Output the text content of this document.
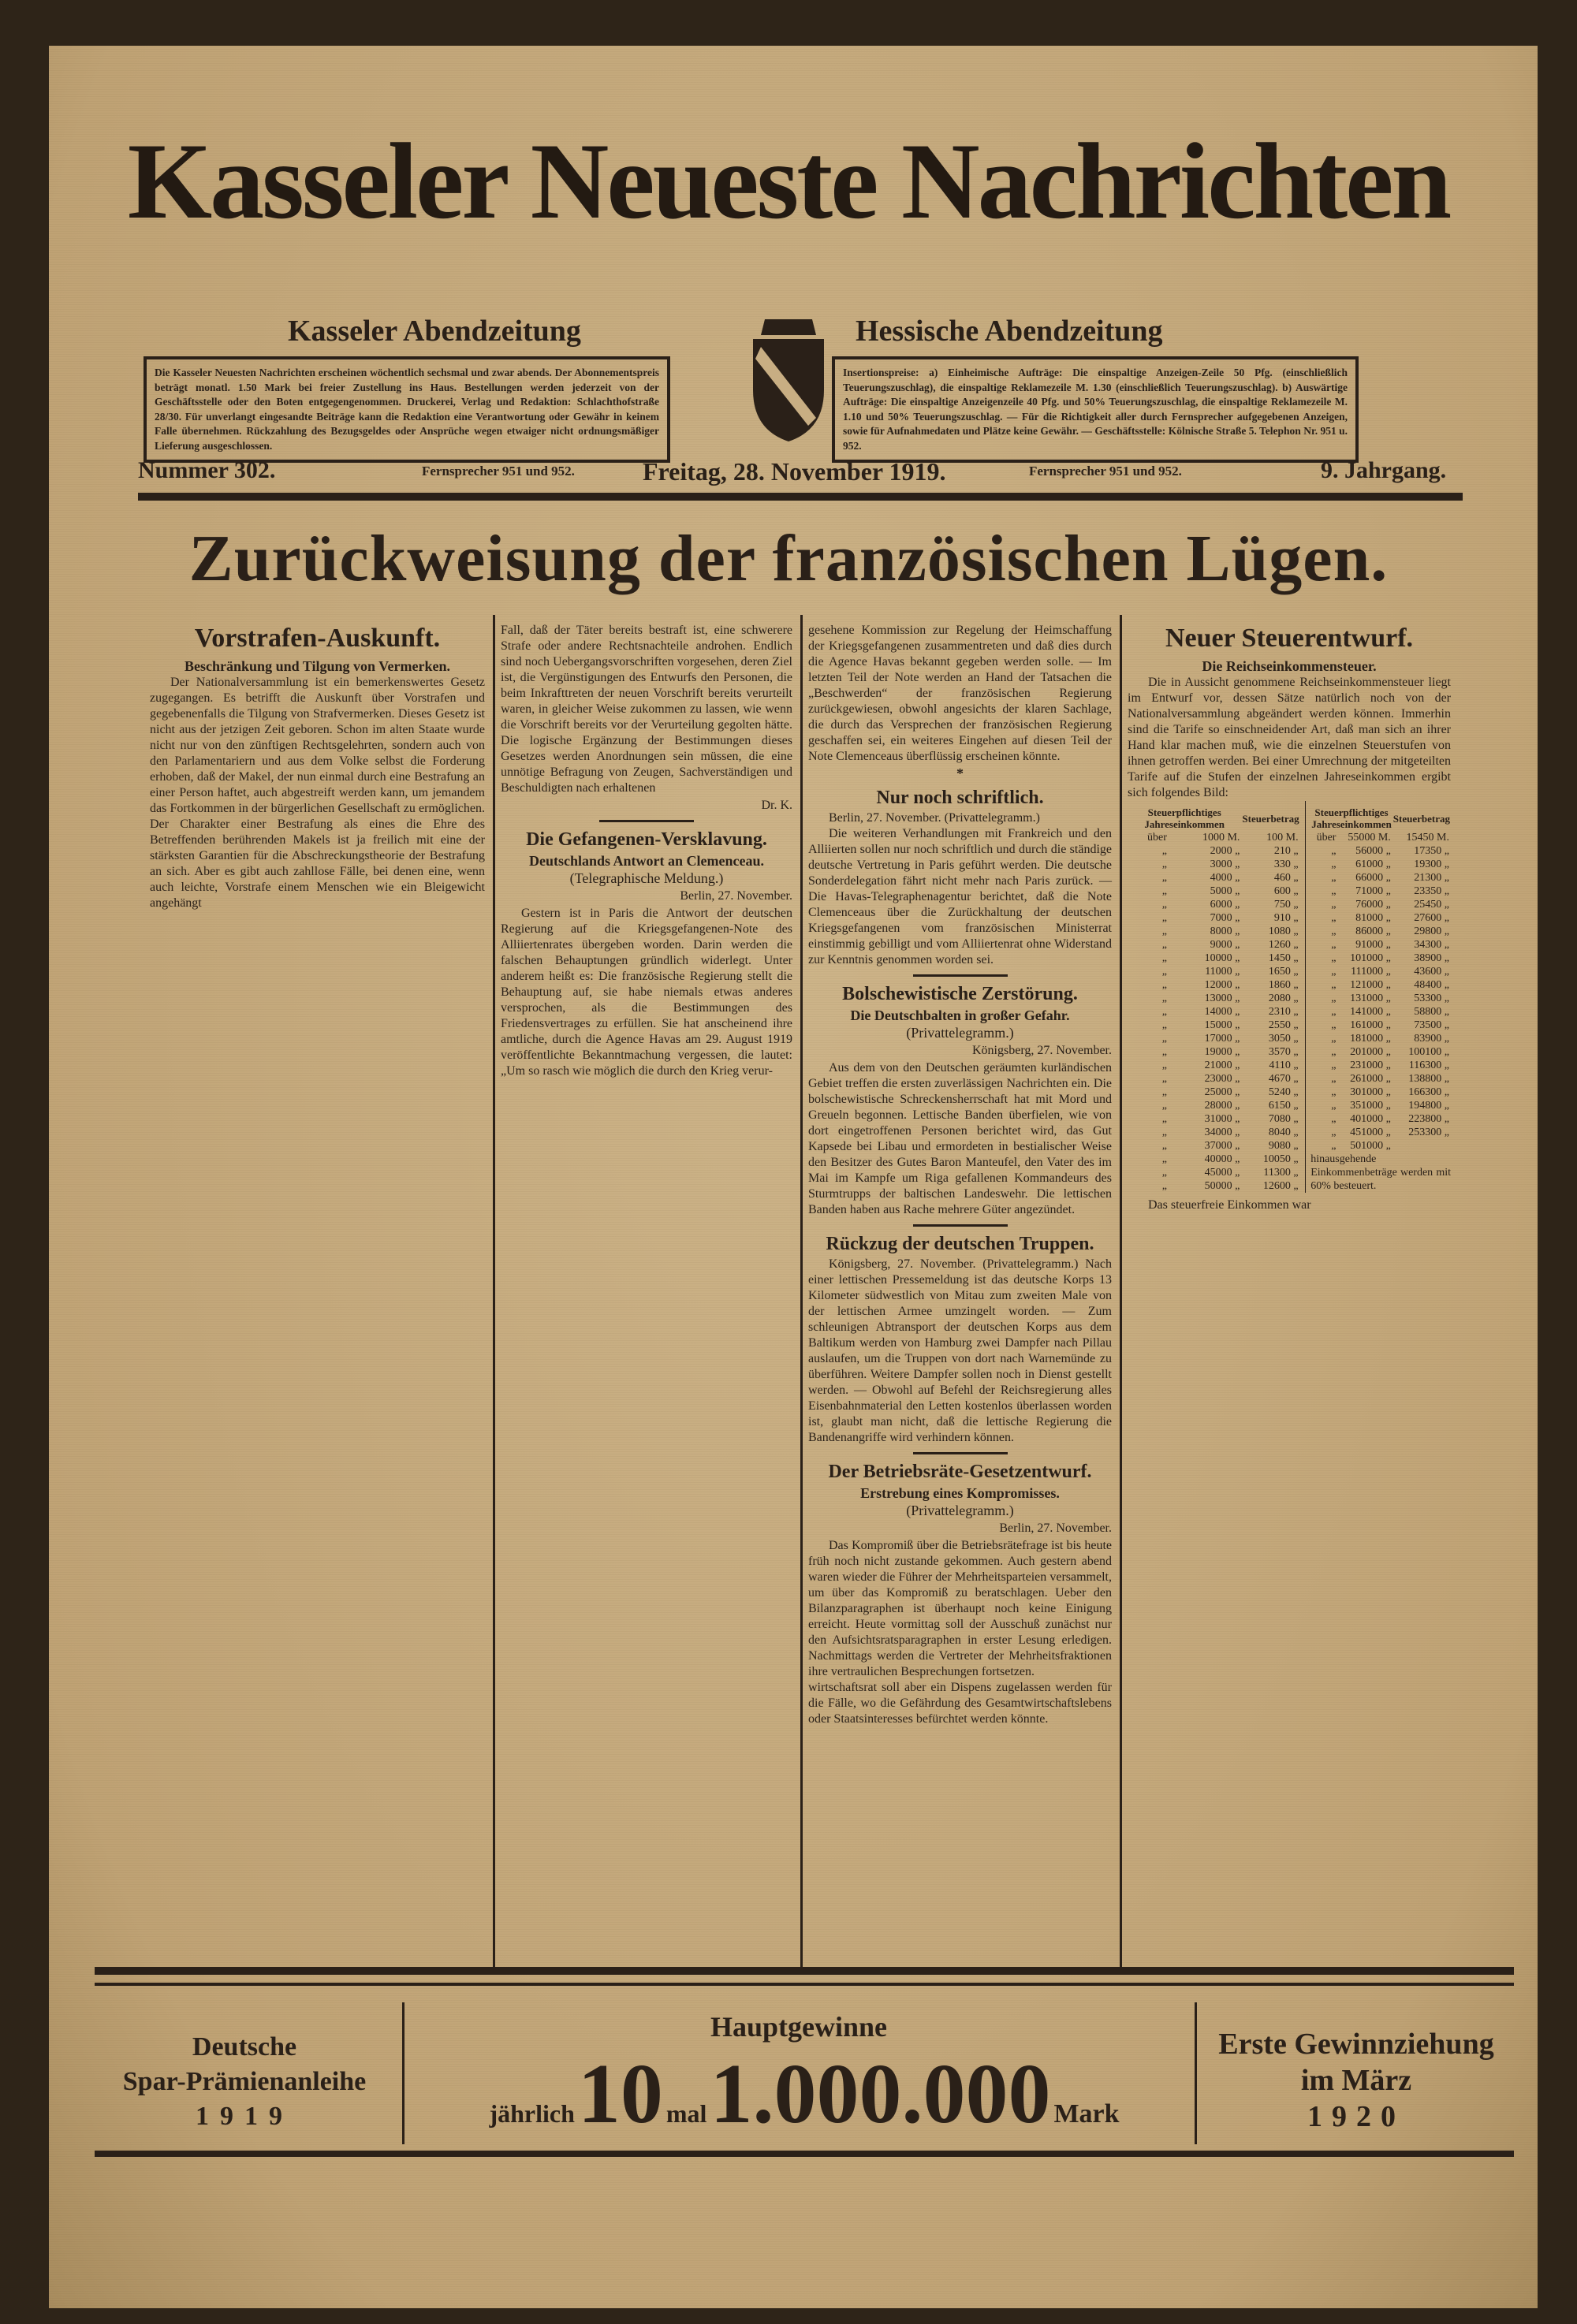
Kasseler Neueste Nachrichten
Kasseler Abendzeitung	Hessische Abendzeitung
Die Kasseler Neuesten Nachrichten erscheinen wöchentlich sechsmal und zwar abends. Der Abonnementspreis beträgt monatl. 1.50 Mark bei freier Zustellung ins Haus. Bestellungen werden jederzeit von der Geschäftsstelle oder den Boten entgegengenommen. Druckerei, Verlag und Redaktion: Schlachthofstraße 28/30. Für unverlangt eingesandte Beiträge kann die Redaktion eine Verantwortung oder Gewähr in keinem Falle übernehmen. Rückzahlung des Bezugsgeldes oder Ansprüche wegen etwaiger nicht ordnungsmäßiger Lieferung ausgeschlossen.
Insertionspreise: a) Einheimische Aufträge: Die einspaltige Anzeigen-Zeile 50 Pfg. (einschließlich Teuerungszuschlag), die einspaltige Reklamezeile M. 1.30 (einschließlich Teuerungszuschlag). b) Auswärtige Aufträge: Die einspaltige Anzeigenzeile 40 Pfg. und 50% Teuerungszuschlag, die einspaltige Reklamezeile M. 1.10 und 50% Teuerungszuschlag. — Für die Richtigkeit aller durch Fernsprecher aufgegebenen Anzeigen, sowie für Aufnahmedaten und Plätze keine Gewähr. — Geschäftsstelle: Kölnische Straße 5. Telephon Nr. 951 u. 952.
Nummer 302.	Fernsprecher 951 und 952.	Freitag, 28. November 1919.	Fernsprecher 951 und 952.	9. Jahrgang.
Zurückweisung der französischen Lügen.
Vorstrafen-Auskunft.
Beschränkung und Tilgung von Vermerken.

Der Nationalversammlung ist ein bemerkenswertes Gesetz zugegangen. Es betrifft die Auskunft über Vorstrafen und gegebenenfalls die Tilgung von Strafvermerken. Dieses Gesetz ist nicht aus der jetzigen Zeit geboren. Schon im alten Staate wurde nicht nur von den zünftigen Rechtsgelehrten, sondern auch von den Parlamentariern und aus dem Volke selbst die Forderung erhoben, daß der Makel, der nun einmal durch eine Bestrafung an einer Person haftet, auch abgestreift werden kann, um jemandem das Fortkommen in der bürgerlichen Gesellschaft zu ermöglichen. Der Charakter einer Bestrafung als eines die Ehre des Betreffenden berührenden Makels ist ja freilich mit eine der stärksten Garantien für die Abschreckungstheorie der Bestrafung an sich. Aber es gibt auch zahllose Fälle, bei denen eine, wenn auch leichte, Vorstrafe einem Menschen wie ein Bleigewicht angehängt

Fall, daß der Täter bereits bestraft ist, eine schwerere Strafe oder andere Rechtsnachteile androhen. Endlich sind noch Uebergangsvorschriften vorgesehen, deren Ziel ist, die Vergünstigungen des Entwurfs den Personen, die beim Inkrafttreten der neuen Vorschrift bereits verurteilt waren, in gleicher Weise zukommen zu lassen, wie wenn die Vorschrift bereits vor der Verurteilung gegolten hätte. Die logische Ergänzung der Bestimmungen dieses Gesetzes werden Anordnungen sein müssen, die eine unnötige Befragung von Zeugen, Sachverständigen und Beschuldigten nach erhaltenen

Dr. K.
Die Gefangenen-Versklavung.
Deutschlands Antwort an Clemenceau.
(Telegraphische Meldung.)
Berlin, 27. November.

Gestern ist in Paris die Antwort der deutschen Regierung auf die Kriegsgefangenen-Note des Alliiertenrates übergeben worden. Darin werden die falschen Behauptungen gründlich widerlegt. Unter anderem heißt es: Die französische Regierung stellt die Behauptung auf, sie habe niemals etwas anderes versprochen, als die Bestimmungen des Friedensvertrages zu erfüllen. Sie hat anscheinend ihre amtliche, durch die Agence Havas am 29. August 1919 veröffentlichte Bekanntmachung vergessen, die lautet: „Um so rasch wie möglich die durch den Krieg verur-

gesehene Kommission zur Regelung der Heimschaffung der Kriegsgefangenen zusammentreten und daß dies durch die Agence Havas bekannt gegeben werden solle. — Im letzten Teil der Note werden an Hand der Tatsachen die „Beschwerden“ der französischen Regierung zurückgewiesen, obwohl angesichts der klaren Sachlage, die durch das Versprechen der französischen Regierung geschaffen sei, ein weiteres Eingehen auf diesen Teil der Note Clemenceaus überflüssig erscheinen könnte.

*
Nur noch schriftlich.

Berlin, 27. November. (Privattelegramm.)

Die weiteren Verhandlungen mit Frankreich und den Alliierten sollen nur noch schriftlich und durch die ständige deutsche Vertretung in Paris geführt werden. Die deutsche Sonderdelegation fährt nicht mehr nach Paris zurück. — Die Havas-Telegraphenagentur berichtet, daß die Note Clemenceaus über die Zurückhaltung der deutschen Kriegsgefangenen vom französischen Ministerrat einstimmig gebilligt und vom Alliiertenrat ohne Widerstand zur Kenntnis genommen worden sei.

Bolschewistische Zerstörung.
Die Deutschbalten in großer Gefahr.
(Privattelegramm.)
Königsberg, 27. November.

Aus dem von den Deutschen geräumten kurländischen Gebiet treffen die ersten zuverlässigen Nachrichten ein. Die bolschewistische Schreckensherrschaft hat mit Mord und Greueln begonnen. Lettische Banden überfielen, wie von dort eingetroffenen Personen berichtet wird, das Gut Kapsede bei Libau und ermordeten in bestialischer Weise den Besitzer des Gutes Baron Manteufel, den Vater des im Mai im Kampfe um Riga gefallenen Kommandeurs des Sturmtrupps der baltischen Landeswehr. Die lettischen Banden haben aus Rache mehrere Güter angezündet.

Rückzug der deutschen Truppen.

Königsberg, 27. November. (Privattelegramm.) Nach einer lettischen Pressemeldung ist das deutsche Korps 13 Kilometer südwestlich von Mitau zum zweiten Male von der lettischen Armee umzingelt worden. — Zum schleunigen Abtransport der deutschen Korps aus dem Baltikum werden von Hamburg zwei Dampfer nach Pillau auslaufen, um die Truppen von dort nach Warnemünde zu überführen. Weitere Dampfer sollen noch in Dienst gestellt werden. — Obwohl auf Befehl der Reichsregierung alles Eisenbahnmaterial den Letten kostenlos überlassen worden ist, glaubt man nicht, daß die lettische Regierung die Bandenangriffe wird verhindern können.

Der Betriebsräte-Gesetzentwurf.
Erstrebung eines Kompromisses.
(Privattelegramm.)
Berlin, 27. November.

Das Kompromiß über die Betriebsrätefrage ist bis heute früh noch nicht zustande gekommen. Auch gestern abend waren wieder die Führer der Mehrheitsparteien versammelt, um über das Kompromiß zu beratschlagen. Ueber den Bilanzparagraphen ist überhaupt noch keine Einigung erreicht. Heute vormittag soll der Ausschuß zunächst nur den Aufsichtsratsparagraphen in erster Lesung erledigen. Nachmittags werden die Vertreter der Mehrheitsfraktionen ihre vertraulichen Besprechungen fortsetzen.

wirtschaftsrat soll aber ein Dispens zugelassen werden für die Fälle, wo die Gefährdung des Gesamtwirtschaftslebens oder Staatsinteresses befürchtet werden könnte.

Neuer Steuerentwurf.
Die Reichseinkommensteuer.

Die in Aussicht genommene Reichseinkommensteuer liegt im Entwurf vor, dessen Sätze natürlich noch von der Nationalversammlung abgeändert werden können. Immerhin sind die Tarife so einschneidender Art, daß man sich an ihrer Hand klar machen muß, wie die einzelnen Steuerstufen von ihnen getroffen werden. Bei einer Umrechnung der mitgeteilten Tarife auf die Stufen der einzelnen Jahreseinkommen ergibt sich folgendes Bild:

Steuerpflichtiges Jahreseinkommen		Steuerbetrag
über	1000 M.	100 M.
„	2000 „	210 „
„	3000 „	330 „
„	4000 „	460 „
„	5000 „	600 „
„	6000 „	750 „
„	7000 „	910 „
„	8000 „	1080 „
„	9000 „	1260 „
„	10000 „	1450 „
„	11000 „	1650 „
„	12000 „	1860 „
„	13000 „	2080 „
„	14000 „	2310 „
„	15000 „	2550 „
„	17000 „	3050 „
„	19000 „	3570 „
„	21000 „	4110 „
„	23000 „	4670 „
„	25000 „	5240 „
„	28000 „	6150 „
„	31000 „	7080 „
„	34000 „	8040 „
„	37000 „	9080 „
„	40000 „	10050 „
„	45000 „	11300 „
„	50000 „	12600 „
Steuerpflichtiges Jahreseinkommen		Steuerbetrag
über	55000 M.	15450 M.
„	56000 „	17350 „
„	61000 „	19300 „
„	66000 „	21300 „
„	71000 „	23350 „
„	76000 „	25450 „
„	81000 „	27600 „
„	86000 „	29800 „
„	91000 „	34300 „
„	101000 „	38900 „
„	111000 „	43600 „
„	121000 „	48400 „
„	131000 „	53300 „
„	141000 „	58800 „
„	161000 „	73500 „
„	181000 „	83900 „
„	201000 „	100100 „
„	231000 „	116300 „
„	261000 „	138800 „
„	301000 „	166300 „
„	351000 „	194800 „
„	401000 „	223800 „
„	451000 „	253300 „
„	501000 „	
hinausgehende Einkommenbeträge werden mit 60% besteuert.

Das steuerfreie Einkommen war

Deutsche
Spar-Prämienanleihe
1919
Hauptgewinne
jährlich 10 mal 1.000.000 Mark
Erste Gewinnziehung
im März
1920
